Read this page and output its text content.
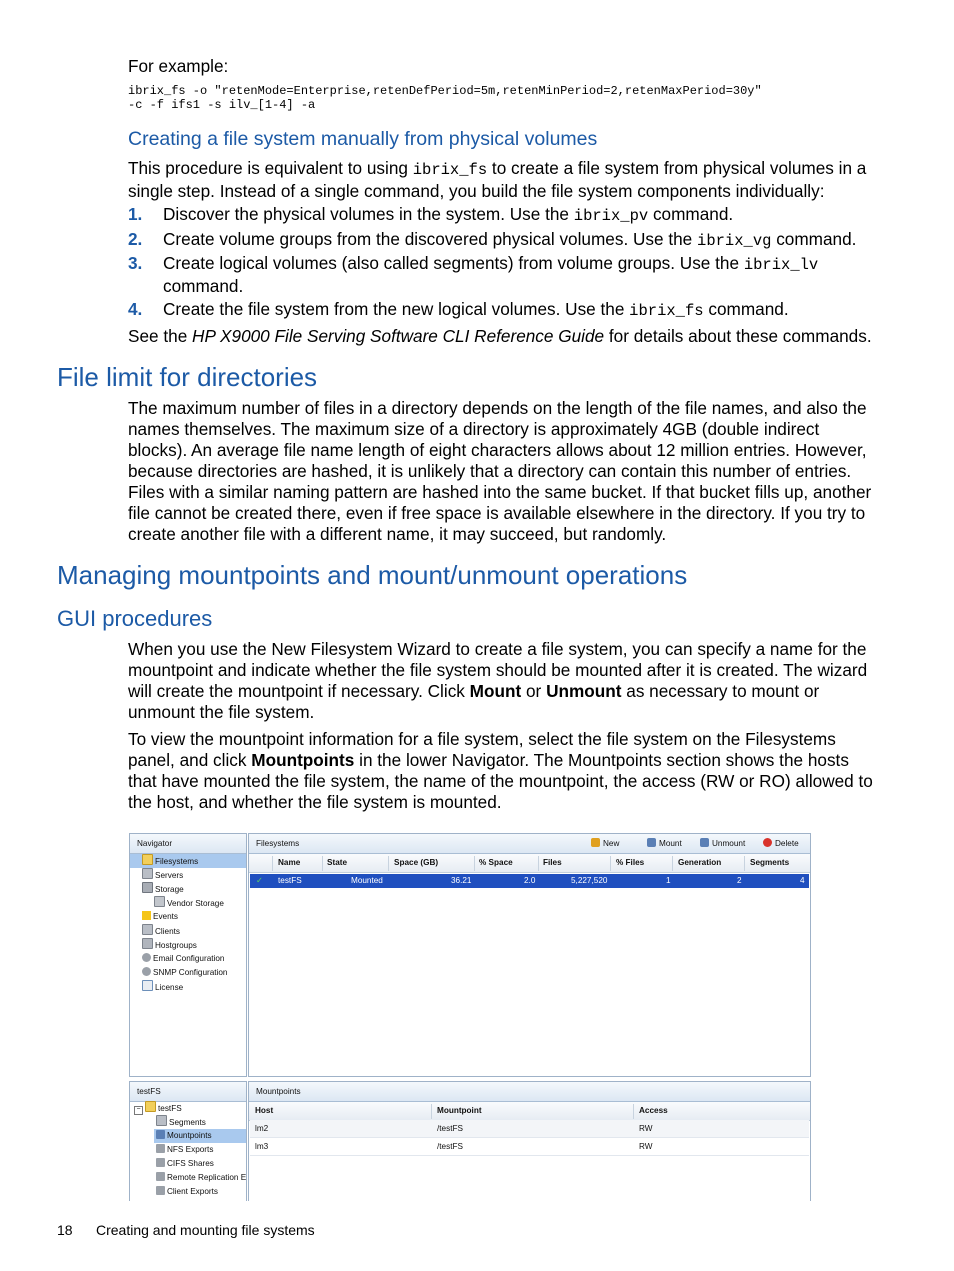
For example:
ibrix_fs -o "retenMode=Enterprise,retenDefPeriod=5m,retenMinPeriod=2,retenMaxPeriod=30y"
-c -f ifs1 -s ilv_[1-4] -a
Creating a file system manually from physical volumes
This procedure is equivalent to using ibrix_fs to create a file system from physical volumes in a single step. Instead of a single command, you build the file system components individually:
1. Discover the physical volumes in the system. Use the ibrix_pv command.
2. Create volume groups from the discovered physical volumes. Use the ibrix_vg command.
3. Create logical volumes (also called segments) from volume groups. Use the ibrix_lv command.
4. Create the file system from the new logical volumes. Use the ibrix_fs command.
See the HP X9000 File Serving Software CLI Reference Guide for details about these commands.
File limit for directories

The maximum number of files in a directory depends on the length of the file names, and also the names themselves. The maximum size of a directory is approximately 4GB (double indirect blocks). An average file name length of eight characters allows about 12 million entries. However, because directories are hashed, it is unlikely that a directory can contain this number of entries. Files with a similar naming pattern are hashed into the same bucket. If that bucket fills up, another file cannot be created there, even if free space is available elsewhere in the directory. If you try to create another file with a different name, it may succeed, but randomly.

Managing mountpoints and mount/unmount operations
GUI procedures

When you use the New Filesystem Wizard to create a file system, you can specify a name for the mountpoint and indicate whether the file system should be mounted after it is created. The wizard will create the mountpoint if necessary. Click Mount or Unmount as necessary to mount or unmount the file system.

To view the mountpoint information for a file system, select the file system on the Filesystems panel, and click Mountpoints in the lower Navigator. The Mountpoints section shows the hosts that have mounted the file system, the name of the mountpoint, the access (RW or RO) allowed to the host, and whether the file system is mounted.

Navigator
Filesystems
Servers
Storage
Vendor Storage
Events
Clients
Hostgroups
Email Configuration
SNMP Configuration
License
Filesystems	New	Mount	Unmount	Delete
Name	State	Space (GB)	% Space	Files	% Files	Generation	Segments
✓ testFS	Mounted	36.21	2.0	5,227,520	1	2	4
testFS
− testFS
Segments
Mountpoints
NFS Exports
CIFS Shares
Remote Replication E
Client Exports
Mountpoints
Host	Mountpoint	Access
lm2	/testFS	RW
lm3	/testFS	RW
18 Creating and mounting file systems
